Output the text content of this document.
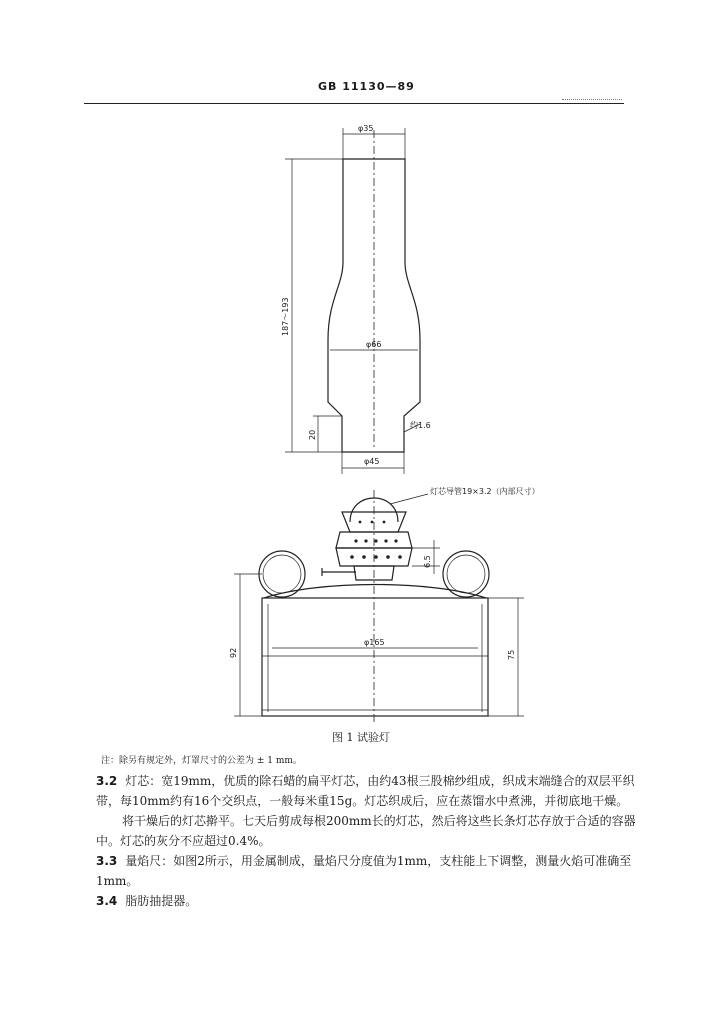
GB 11130—89
φ35
187～193
φ66
20
约1.6
φ45
灯芯导管19×3.2（内部尺寸）
6.5
92
φ165
75
图 1 试验灯
注：除另有规定外，灯罩尺寸的公差为 ± 1 mm。
3.2 灯芯：宽19mm，优质的除石蜡的扁平灯芯，由约43根三股棉纱组成，织成末端缝合的双层平织带，每10mm约有16个交织点，一般每米重15g。灯芯织成后，应在蒸馏水中煮沸，并彻底地干燥。
将干燥后的灯芯擀平。七天后剪成每根200mm长的灯芯，然后将这些长条灯芯存放于合适的容器中。灯芯的灰分不应超过0.4%。
3.3 量焰尺：如图2所示，用金属制成，量焰尺分度值为1mm，支柱能上下调整，测量火焰可准确至1mm。
3.4 脂肪抽提器。
